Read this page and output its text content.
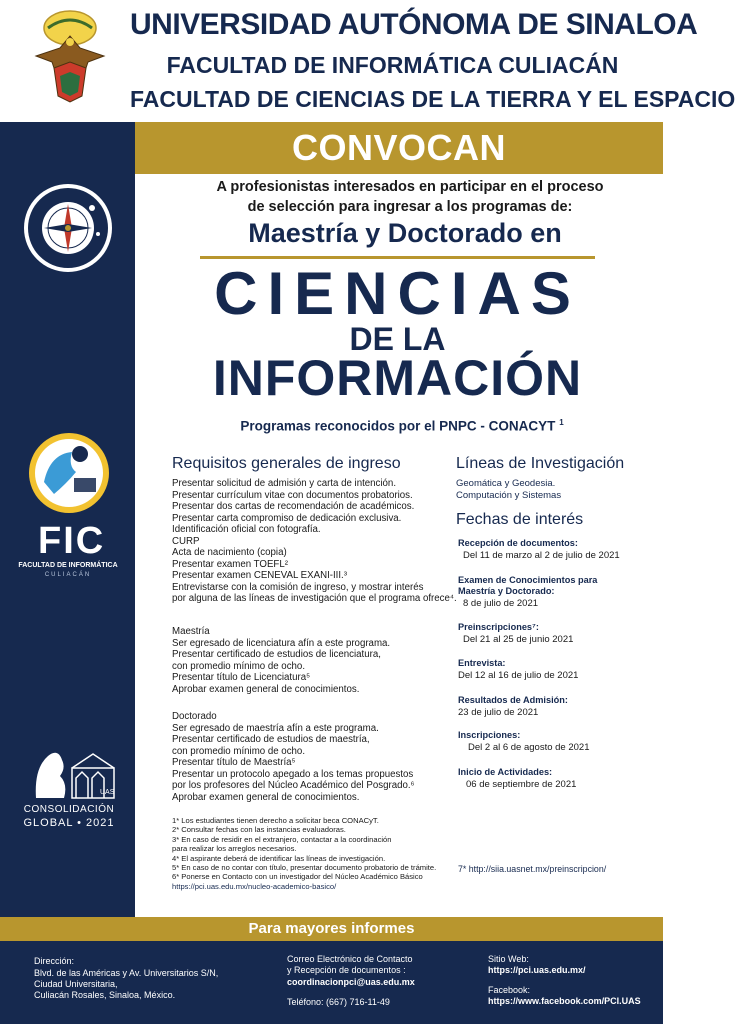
UNIVERSIDAD AUTÓNOMA DE SINALOA
FACULTAD DE INFORMÁTICA CULIACÁN
FACULTAD DE CIENCIAS DE LA TIERRA Y EL ESPACIO
CONVOCAN
FIC
FACULTAD DE INFORMÁTICA
CULIACÁN
UAS
CONSOLIDACIÓN
GLOBAL • 2021
A profesionistas interesados en participar en el proceso
de selección para ingresar a los programas de:
Maestría y Doctorado en
CIENCIAS
DE LA
INFORMACIÓN
Programas reconocidos por el PNPC - CONACYT $^1$
Requisitos generales de ingreso
Presentar solicitud de admisión y carta de intención.
Presentar currículum vitae con documentos probatorios.
Presentar dos cartas de recomendación de académicos.
Presentar carta compromiso de dedicación exclusiva.
Identificación oficial con fotografía.
CURP
Acta de nacimiento (copia)
Presentar examen TOEFL²
Presentar examen CENEVAL EXANI-III.³
Entrevistarse con la comisión de ingreso, y mostrar interés
por alguna de las líneas de investigación que el programa ofrece⁴.
Maestría
Ser egresado de licenciatura afín a este programa.
Presentar certificado de estudios de licenciatura,
con promedio mínimo de ocho.
Presentar título de Licenciatura⁵
Aprobar examen general de conocimientos.
Doctorado
Ser egresado de maestría afín a este programa.
Presentar certificado de estudios de maestría,
con promedio mínimo de ocho.
Presentar título de Maestría⁵
Presentar un protocolo apegado a los temas propuestos
por los profesores del Núcleo Académico del Posgrado.⁶
Aprobar examen general de conocimientos.
1* Los estudiantes tienen derecho a solicitar beca CONACyT.
2* Consultar fechas con las instancias evaluadoras.
3* En caso de residir en el extranjero, contactar a la coordinación
para realizar los arreglos necesarios.
4* El aspirante deberá de identificar las líneas de investigación.
5* En caso de no contar con título, presentar documento probatorio de trámite.
6* Ponerse en Contacto con un investigador del Núcleo Académico Básico
https://pci.uas.edu.mx/nucleo-academico-basico/
Líneas de Investigación
Geomática y Geodesia.
Computación y Sistemas
Fechas de interés
Recepción de documentos:
Del 11 de marzo al 2 de julio de 2021
Examen de Conocimientos para
Maestría y Doctorado:
8 de julio de 2021
Preinscripciones⁷:
Del 21 al 25 de junio 2021
Entrevista:
Del 12 al 16 de julio de 2021
Resultados de Admisión:
23 de julio de 2021
Inscripciones:
Del 2 al 6 de agosto de 2021
Inicio de Actividades:
06 de septiembre de 2021
7* http://siia.uasnet.mx/preinscripcion/
Para mayores informes
Dirección:
Blvd. de las Américas y Av. Universitarios S/N,
Ciudad Universitaria,
Culiacán Rosales, Sinaloa, México.
Correo Electrónico de Contacto
y Recepción de documentos :
coordinacionpci@uas.edu.mx
Teléfono: (667) 716-11-49
Sitio Web:
https://pci.uas.edu.mx/
Facebook:
https://www.facebook.com/PCI.UAS
